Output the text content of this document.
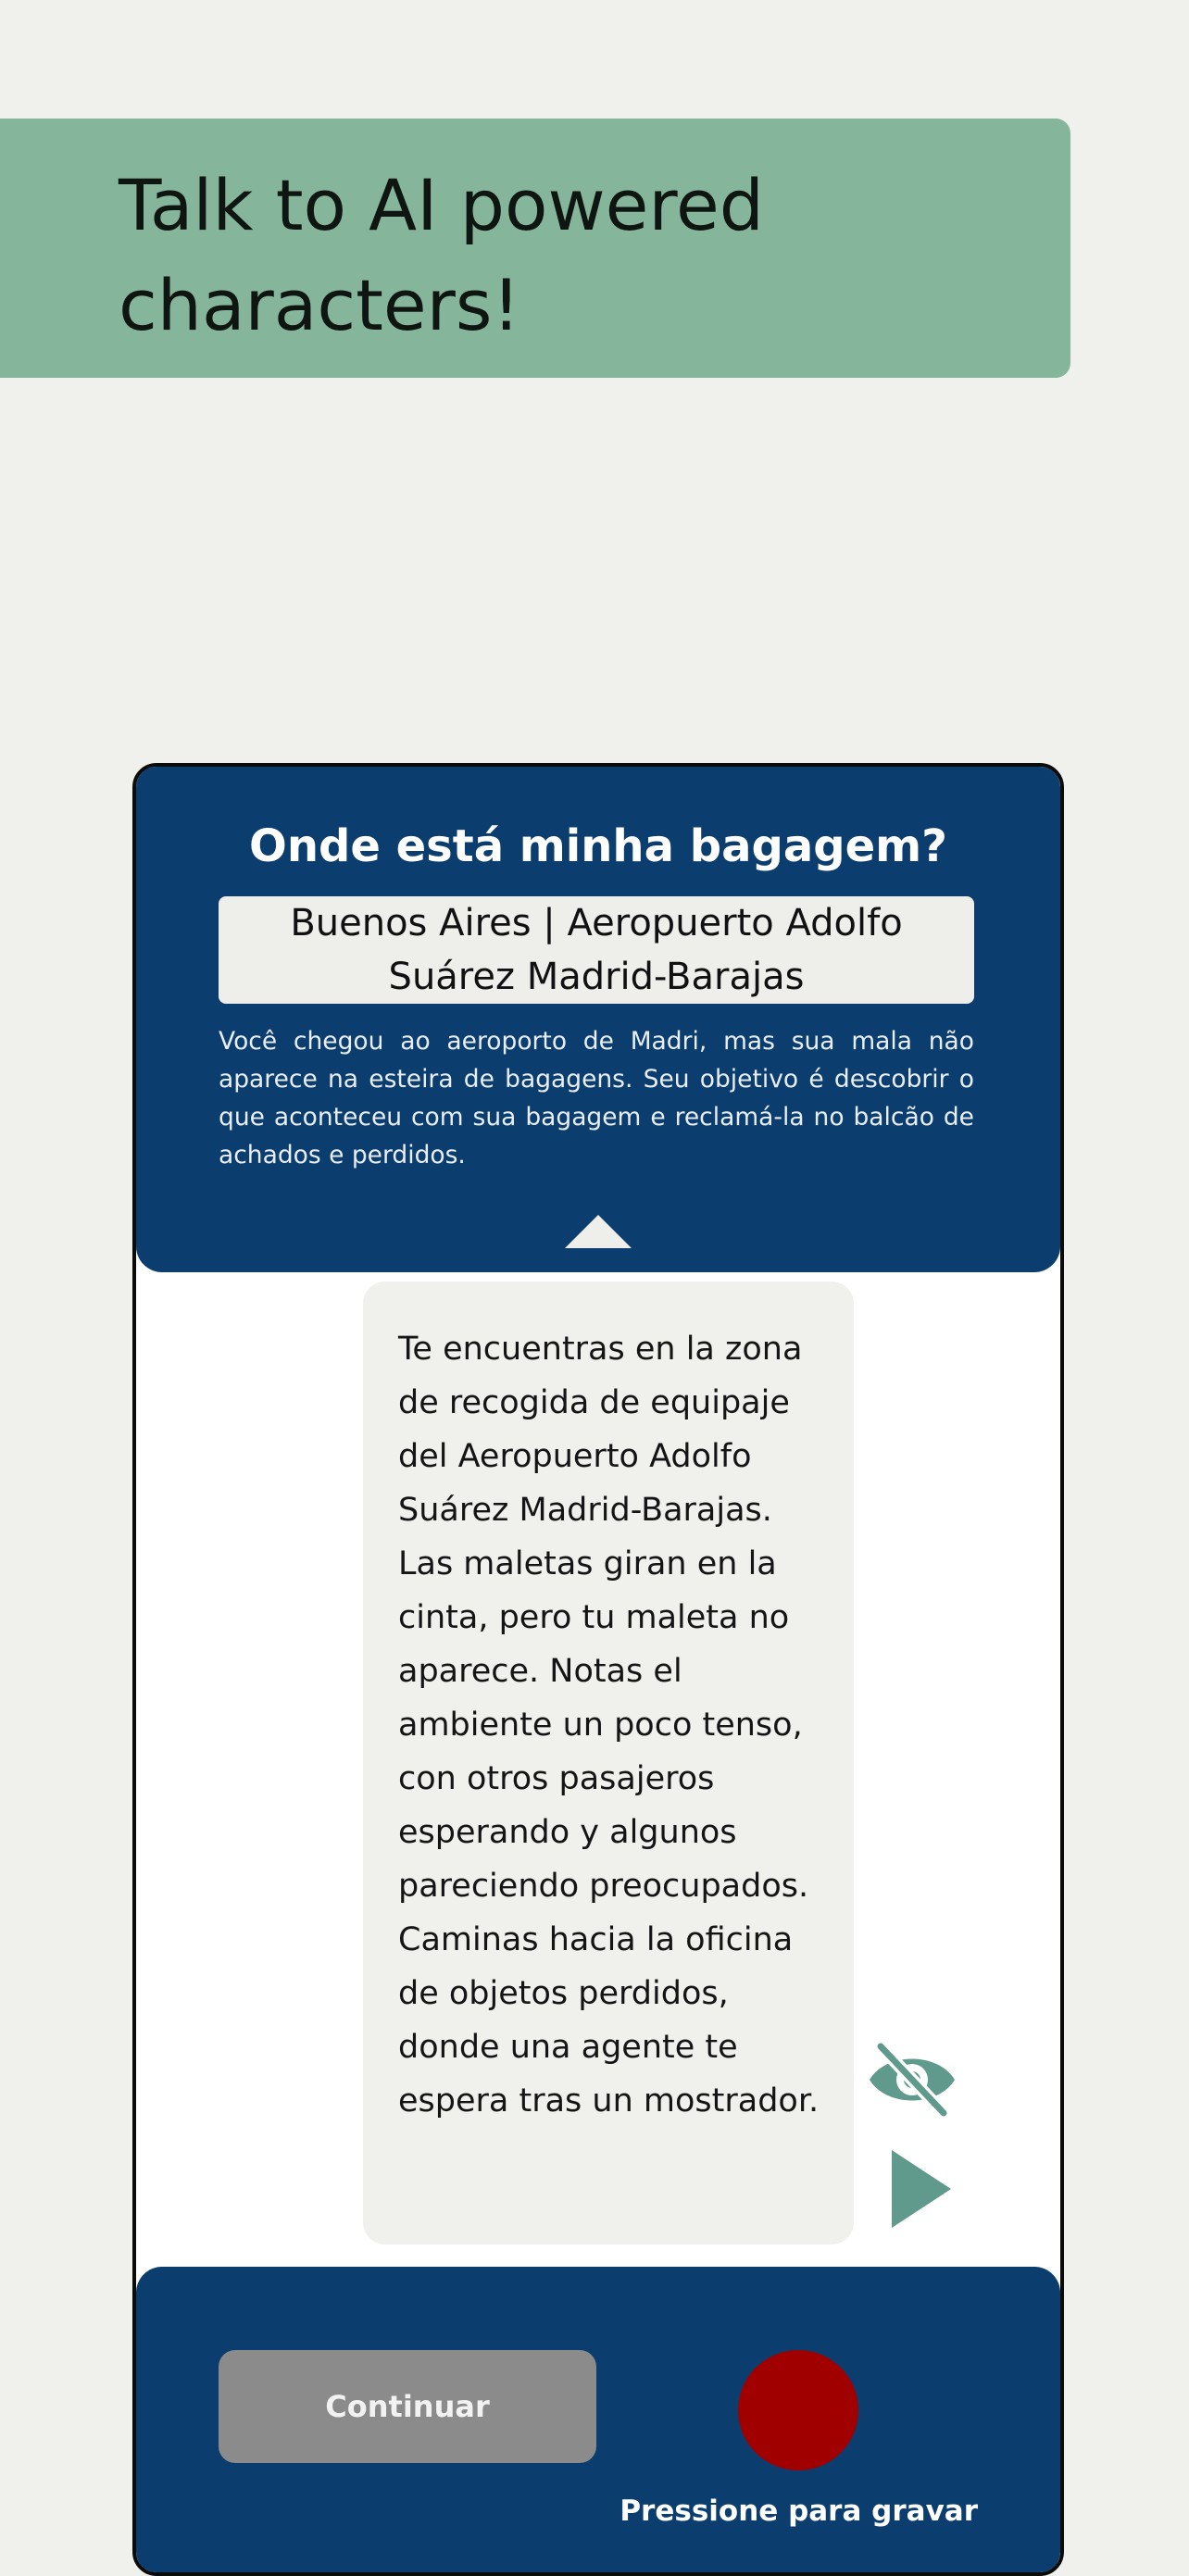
Talk to AI powered characters!
Onde está minha bagagem?
Buenos Aires | Aeropuerto Adolfo Suárez Madrid-Barajas

Você chegou ao aeroporto de Madri, mas sua mala não aparece na esteira de bagagens. Seu objetivo é descobrir o que aconteceu com sua bagagem e reclamá-la no balcão de achados e perdidos.

Te encuentras en la zona de recogida de equipaje del Aeropuerto Adolfo Suárez Madrid-Barajas. Las maletas giran en la cinta, pero tu maleta no aparece. Notas el ambiente un poco tenso, con otros pasajeros esperando y algunos pareciendo preocupados. Caminas hacia la oficina de objetos perdidos, donde una agente te espera tras un mostrador.

Continuar

Pressione para gravar
